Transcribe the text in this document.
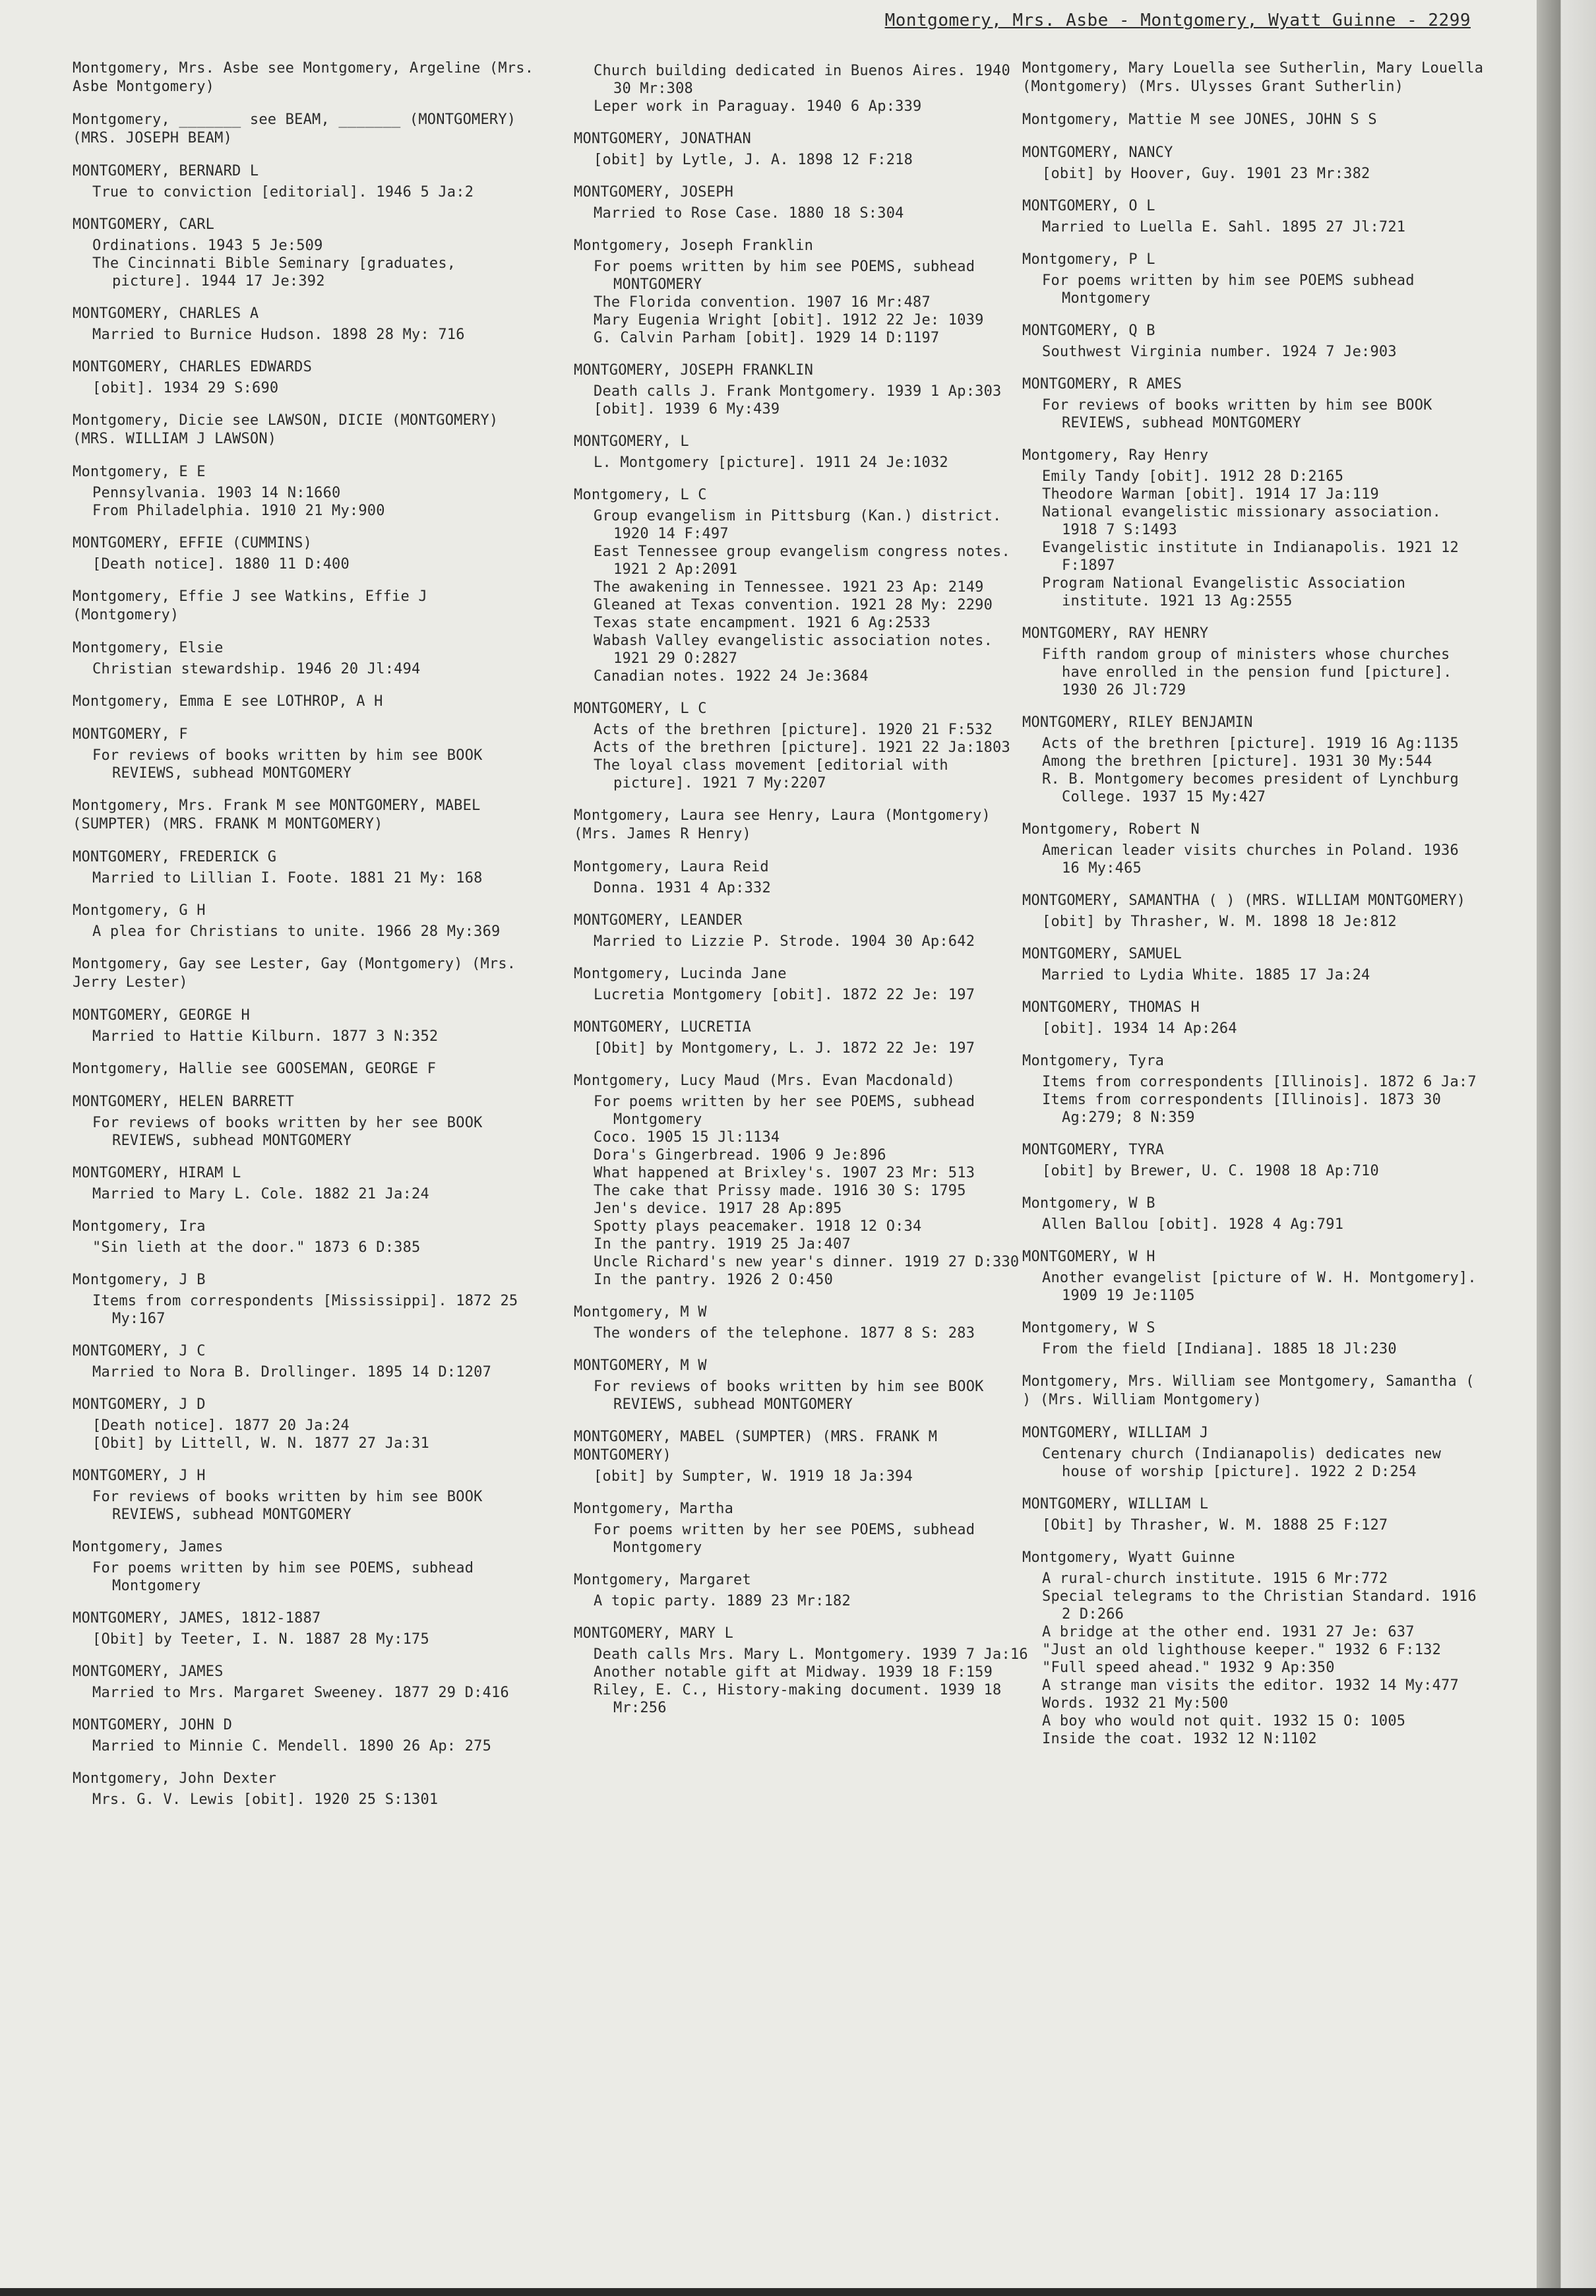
Montgomery, Mrs. Asbe - Montgomery, Wyatt Guinne - 2299
Montgomery, Mrs. Asbe see Montgomery, Argeline (Mrs. Asbe Montgomery)
Montgomery, _______ see BEAM, _______ (MONTGOMERY) (MRS. JOSEPH BEAM)
MONTGOMERY, BERNARD L
True to conviction [editorial]. 1946 5 Ja:2
MONTGOMERY, CARL
Ordinations. 1943 5 Je:509
The Cincinnati Bible Seminary [graduates, picture]. 1944 17 Je:392
MONTGOMERY, CHARLES A
Married to Burnice Hudson. 1898 28 My: 716
MONTGOMERY, CHARLES EDWARDS
[obit]. 1934 29 S:690
Montgomery, Dicie see LAWSON, DICIE (MONTGOMERY) (MRS. WILLIAM J LAWSON)
Montgomery, E E
Pennsylvania. 1903 14 N:1660
From Philadelphia. 1910 21 My:900
MONTGOMERY, EFFIE (CUMMINS)
[Death notice]. 1880 11 D:400
Montgomery, Effie J see Watkins, Effie J (Montgomery)
Montgomery, Elsie
Christian stewardship. 1946 20 Jl:494
Montgomery, Emma E see LOTHROP, A H
MONTGOMERY, F
For reviews of books written by him see BOOK REVIEWS, subhead MONTGOMERY
Montgomery, Mrs. Frank M see MONTGOMERY, MABEL (SUMPTER) (MRS. FRANK M MONTGOMERY)
MONTGOMERY, FREDERICK G
Married to Lillian I. Foote. 1881 21 My: 168
Montgomery, G H
A plea for Christians to unite. 1966 28 My:369
Montgomery, Gay see Lester, Gay (Montgomery) (Mrs. Jerry Lester)
MONTGOMERY, GEORGE H
Married to Hattie Kilburn. 1877 3 N:352
Montgomery, Hallie see GOOSEMAN, GEORGE F
MONTGOMERY, HELEN BARRETT
For reviews of books written by her see BOOK REVIEWS, subhead MONTGOMERY
MONTGOMERY, HIRAM L
Married to Mary L. Cole. 1882 21 Ja:24
Montgomery, Ira
"Sin lieth at the door." 1873 6 D:385
Montgomery, J B
Items from correspondents [Mississippi]. 1872 25 My:167
MONTGOMERY, J C
Married to Nora B. Drollinger. 1895 14 D:1207
MONTGOMERY, J D
[Death notice]. 1877 20 Ja:24
[Obit] by Littell, W. N. 1877 27 Ja:31
MONTGOMERY, J H
For reviews of books written by him see BOOK REVIEWS, subhead MONTGOMERY
Montgomery, James
For poems written by him see POEMS, subhead Montgomery
MONTGOMERY, JAMES, 1812-1887
[Obit] by Teeter, I. N. 1887 28 My:175
MONTGOMERY, JAMES
Married to Mrs. Margaret Sweeney. 1877 29 D:416
MONTGOMERY, JOHN D
Married to Minnie C. Mendell. 1890 26 Ap: 275
Montgomery, John Dexter
Mrs. G. V. Lewis [obit]. 1920 25 S:1301
Church building dedicated in Buenos Aires. 1940 30 Mr:308
Leper work in Paraguay. 1940 6 Ap:339
MONTGOMERY, JONATHAN
[obit] by Lytle, J. A. 1898 12 F:218
MONTGOMERY, JOSEPH
Married to Rose Case. 1880 18 S:304
Montgomery, Joseph Franklin
For poems written by him see POEMS, subhead MONTGOMERY
The Florida convention. 1907 16 Mr:487
Mary Eugenia Wright [obit]. 1912 22 Je: 1039
G. Calvin Parham [obit]. 1929 14 D:1197
MONTGOMERY, JOSEPH FRANKLIN
Death calls J. Frank Montgomery. 1939 1 Ap:303
[obit]. 1939 6 My:439
MONTGOMERY, L
L. Montgomery [picture]. 1911 24 Je:1032
Montgomery, L C
Group evangelism in Pittsburg (Kan.) district. 1920 14 F:497
East Tennessee group evangelism congress notes. 1921 2 Ap:2091
The awakening in Tennessee. 1921 23 Ap: 2149
Gleaned at Texas convention. 1921 28 My: 2290
Texas state encampment. 1921 6 Ag:2533
Wabash Valley evangelistic association notes. 1921 29 O:2827
Canadian notes. 1922 24 Je:3684
MONTGOMERY, L C
Acts of the brethren [picture]. 1920 21 F:532
Acts of the brethren [picture]. 1921 22 Ja:1803
The loyal class movement [editorial with picture]. 1921 7 My:2207
Montgomery, Laura see Henry, Laura (Montgomery) (Mrs. James R Henry)
Montgomery, Laura Reid
Donna. 1931 4 Ap:332
MONTGOMERY, LEANDER
Married to Lizzie P. Strode. 1904 30 Ap:642
Montgomery, Lucinda Jane
Lucretia Montgomery [obit]. 1872 22 Je: 197
MONTGOMERY, LUCRETIA
[Obit] by Montgomery, L. J. 1872 22 Je: 197
Montgomery, Lucy Maud (Mrs. Evan Macdonald)
For poems written by her see POEMS, subhead Montgomery
Coco. 1905 15 Jl:1134
Dora's Gingerbread. 1906 9 Je:896
What happened at Brixley's. 1907 23 Mr: 513
The cake that Prissy made. 1916 30 S: 1795
Jen's device. 1917 28 Ap:895
Spotty plays peacemaker. 1918 12 O:34
In the pantry. 1919 25 Ja:407
Uncle Richard's new year's dinner. 1919 27 D:330
In the pantry. 1926 2 O:450
Montgomery, M W
The wonders of the telephone. 1877 8 S: 283
MONTGOMERY, M W
For reviews of books written by him see BOOK REVIEWS, subhead MONTGOMERY
MONTGOMERY, MABEL (SUMPTER) (MRS. FRANK M MONTGOMERY)
[obit] by Sumpter, W. 1919 18 Ja:394
Montgomery, Martha
For poems written by her see POEMS, subhead Montgomery
Montgomery, Margaret
A topic party. 1889 23 Mr:182
MONTGOMERY, MARY L
Death calls Mrs. Mary L. Montgomery. 1939 7 Ja:16
Another notable gift at Midway. 1939 18 F:159
Riley, E. C., History-making document. 1939 18 Mr:256
Montgomery, Mary Louella see Sutherlin, Mary Louella (Montgomery) (Mrs. Ulysses Grant Sutherlin)
Montgomery, Mattie M see JONES, JOHN S S
MONTGOMERY, NANCY
[obit] by Hoover, Guy. 1901 23 Mr:382
MONTGOMERY, O L
Married to Luella E. Sahl. 1895 27 Jl:721
Montgomery, P L
For poems written by him see POEMS subhead Montgomery
MONTGOMERY, Q B
Southwest Virginia number. 1924 7 Je:903
MONTGOMERY, R AMES
For reviews of books written by him see BOOK REVIEWS, subhead MONTGOMERY
Montgomery, Ray Henry
Emily Tandy [obit]. 1912 28 D:2165
Theodore Warman [obit]. 1914 17 Ja:119
National evangelistic missionary association. 1918 7 S:1493
Evangelistic institute in Indianapolis. 1921 12 F:1897
Program National Evangelistic Association institute. 1921 13 Ag:2555
MONTGOMERY, RAY HENRY
Fifth random group of ministers whose churches have enrolled in the pension fund [picture]. 1930 26 Jl:729
MONTGOMERY, RILEY BENJAMIN
Acts of the brethren [picture]. 1919 16 Ag:1135
Among the brethren [picture]. 1931 30 My:544
R. B. Montgomery becomes president of Lynchburg College. 1937 15 My:427
Montgomery, Robert N
American leader visits churches in Poland. 1936 16 My:465
MONTGOMERY, SAMANTHA ( ) (MRS. WILLIAM MONTGOMERY)
[obit] by Thrasher, W. M. 1898 18 Je:812
MONTGOMERY, SAMUEL
Married to Lydia White. 1885 17 Ja:24
MONTGOMERY, THOMAS H
[obit]. 1934 14 Ap:264
Montgomery, Tyra
Items from correspondents [Illinois]. 1872 6 Ja:7
Items from correspondents [Illinois]. 1873 30 Ag:279; 8 N:359
MONTGOMERY, TYRA
[obit] by Brewer, U. C. 1908 18 Ap:710
Montgomery, W B
Allen Ballou [obit]. 1928 4 Ag:791
MONTGOMERY, W H
Another evangelist [picture of W. H. Montgomery]. 1909 19 Je:1105
Montgomery, W S
From the field [Indiana]. 1885 18 Jl:230
Montgomery, Mrs. William see Montgomery, Samantha ( ) (Mrs. William Montgomery)
MONTGOMERY, WILLIAM J
Centenary church (Indianapolis) dedicates new house of worship [picture]. 1922 2 D:254
MONTGOMERY, WILLIAM L
[Obit] by Thrasher, W. M. 1888 25 F:127
Montgomery, Wyatt Guinne
A rural-church institute. 1915 6 Mr:772
Special telegrams to the Christian Standard. 1916 2 D:266
A bridge at the other end. 1931 27 Je: 637
"Just an old lighthouse keeper." 1932 6 F:132
"Full speed ahead." 1932 9 Ap:350
A strange man visits the editor. 1932 14 My:477
Words. 1932 21 My:500
A boy who would not quit. 1932 15 O: 1005
Inside the coat. 1932 12 N:1102
